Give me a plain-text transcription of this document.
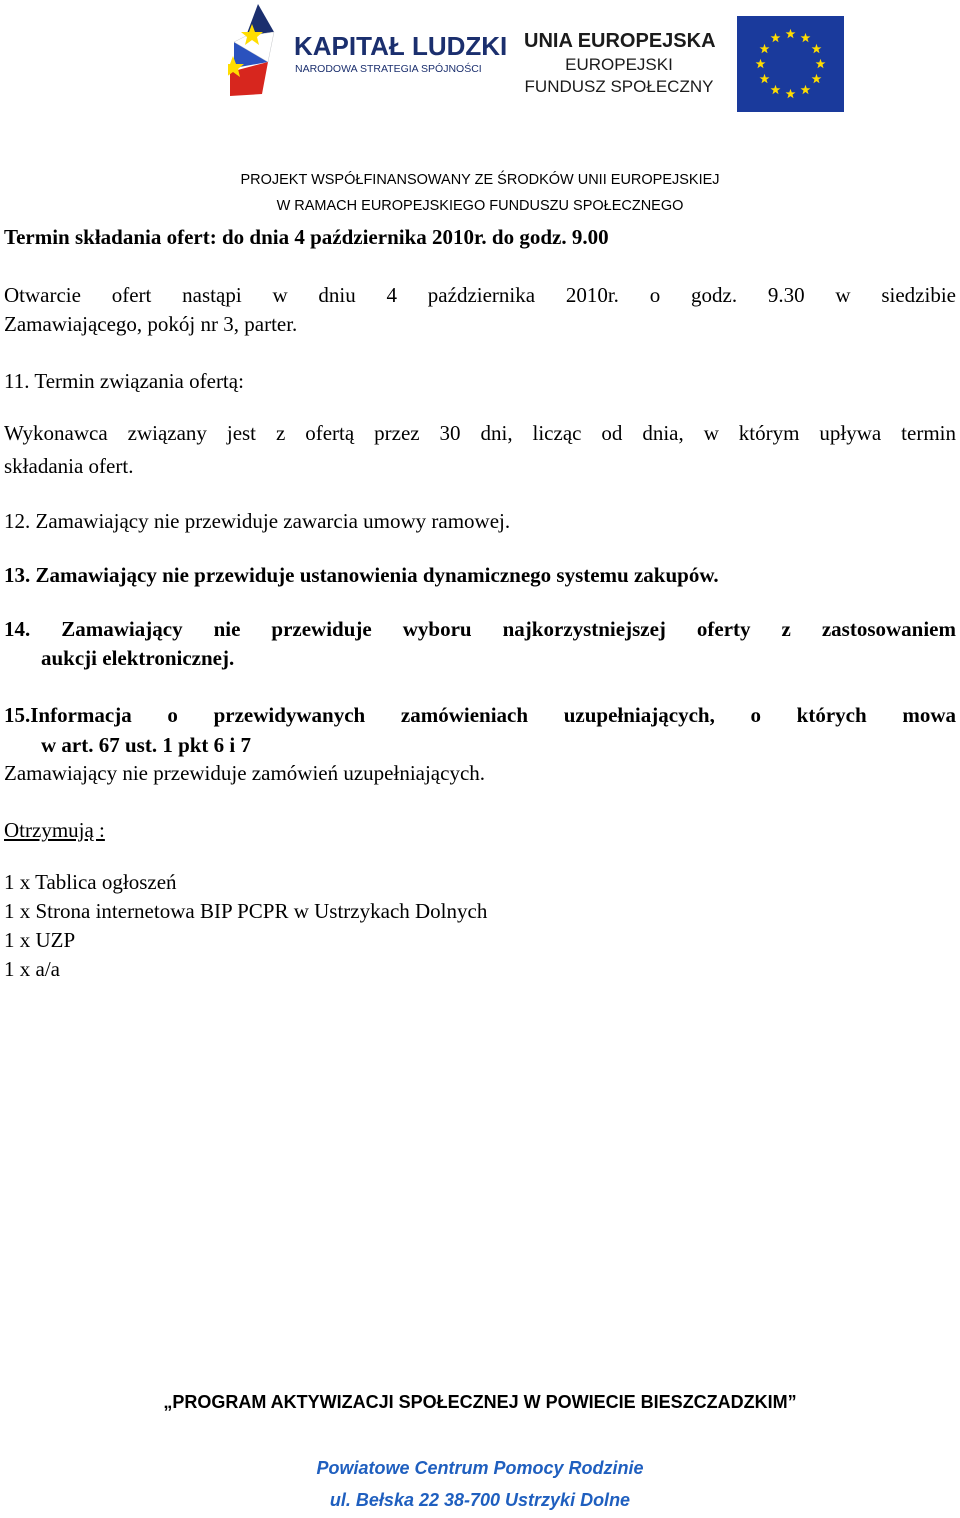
KAPITAŁ LUDZKI
NARODOWA STRATEGIA SPÓJNOŚCI
UNIA EUROPEJSKA
EUROPEJSKI
FUNDUSZ SPOŁECZNY
PROJEKT WSPÓŁFINANSOWANY ZE ŚRODKÓW UNII EUROPEJSKIEJ
W RAMACH EUROPEJSKIEGO FUNDUSZU SPOŁECZNEGO
Termin składania ofert: do dnia 4 października 2010r. do godz. 9.00
Otwarcie ofert nastąpi w dniu 4 października 2010r. o godz. 9.30 w siedzibie
Zamawiającego, pokój nr 3, parter.
11. Termin związania ofertą:
Wykonawca związany jest z ofertą przez 30 dni, licząc od dnia, w którym upływa termin
składania ofert.
12. Zamawiający nie przewiduje zawarcia umowy ramowej.
13. Zamawiający nie przewiduje ustanowienia dynamicznego systemu zakupów.
14. Zamawiający nie przewiduje wyboru najkorzystniejszej oferty z zastosowaniem
aukcji elektronicznej.
15.Informacja o przewidywanych zamówieniach uzupełniających, o których mowa
w art. 67 ust. 1 pkt 6 i 7
Zamawiający nie przewiduje zamówień uzupełniających.
Otrzymują :
1 x Tablica ogłoszeń
1 x Strona internetowa BIP PCPR w Ustrzykach Dolnych
1 x UZP
1 x a/a
„PROGRAM AKTYWIZACJI SPOŁECZNEJ W POWIECIE BIESZCZADZKIM”
Powiatowe Centrum Pomocy Rodzinie
ul. Bełska 22 38-700 Ustrzyki Dolne
